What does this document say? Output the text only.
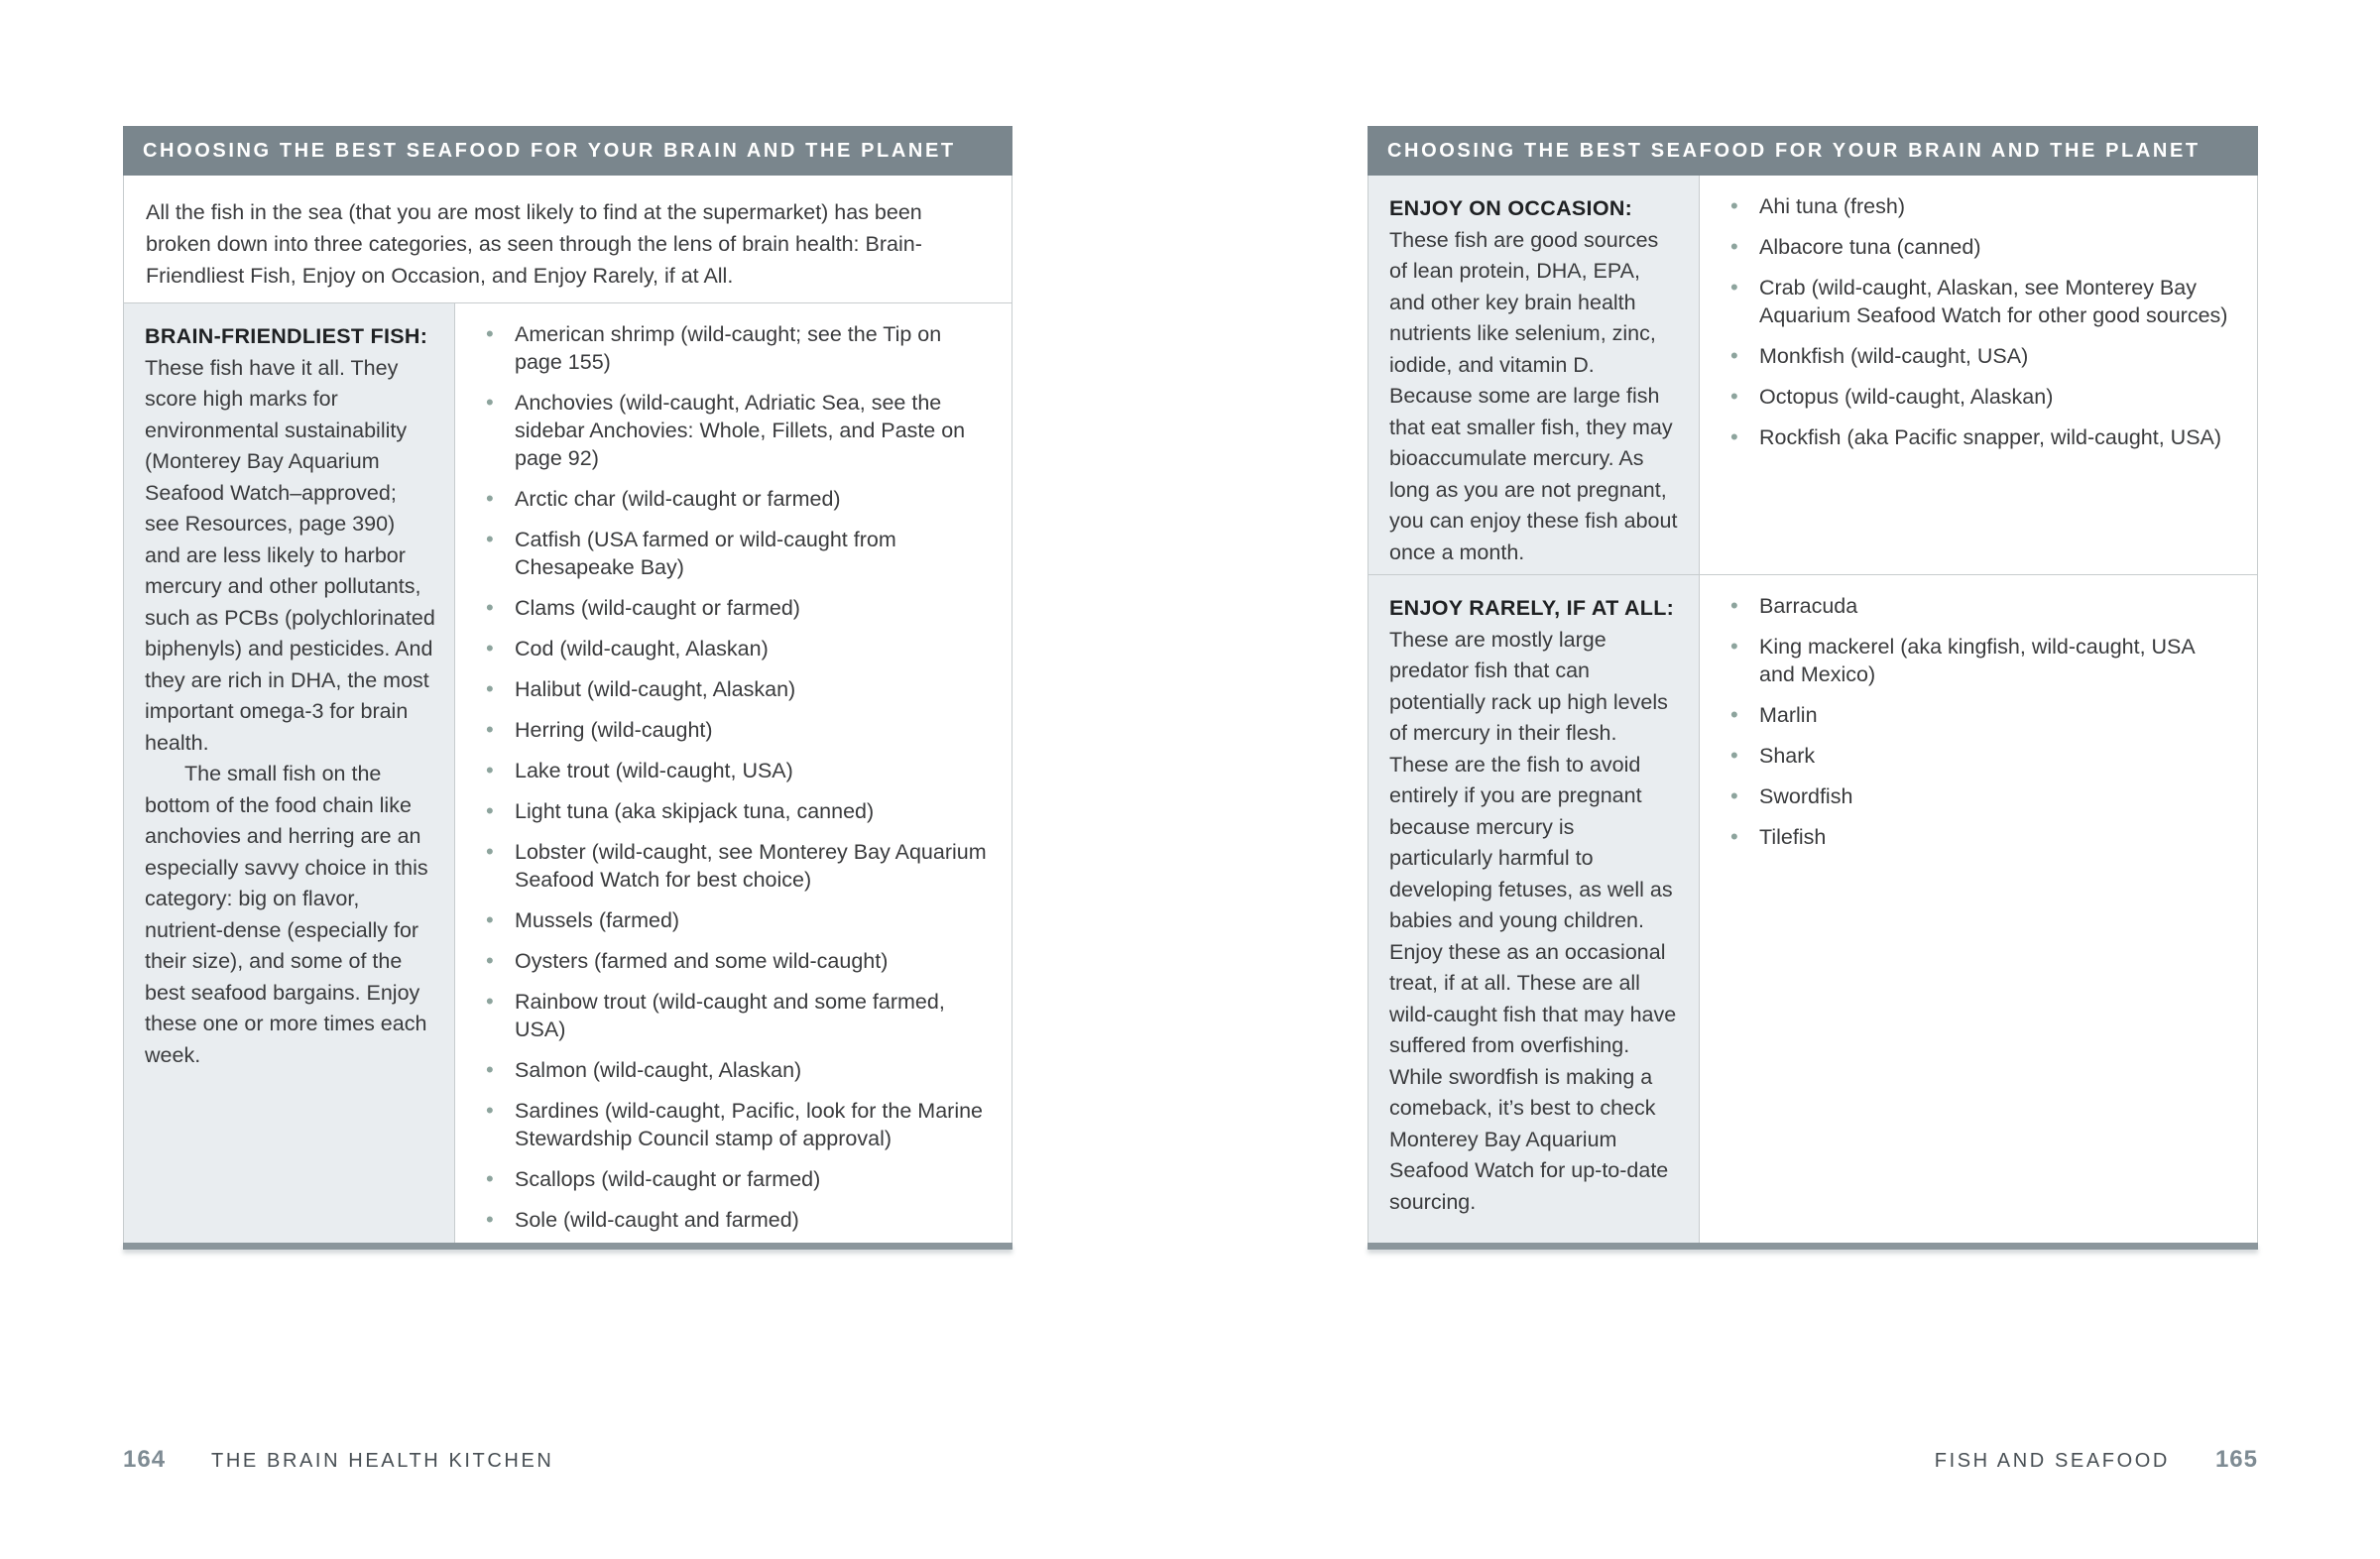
CHOOSING THE BEST SEAFOOD FOR YOUR BRAIN AND THE PLANET
All the fish in the sea (that you are most likely to find at the supermarket) has been broken down into three categories, as seen through the lens of brain health: Brain-Friendliest Fish, Enjoy on Occasion, and Enjoy Rarely, if at All.

BRAIN-FRIENDLIEST FISH: These fish have it all. They score high marks for environmental sustainability (Monterey Bay Aquarium Seafood Watch–approved; see Resources, page 390) and are less likely to harbor mercury and other pollutants, such as PCBs (polychlorinated biphenyls) and pesticides. And they are rich in DHA, the most important omega-3 for brain health.

The small fish on the bottom of the food chain like anchovies and herring are an especially savvy choice in this category: big on flavor, nutrient-dense (especially for their size), and some of the best seafood bargains. Enjoy these one or more times each week.

• American shrimp (wild-caught; see the Tip on page 155)
• Anchovies (wild-caught, Adriatic Sea, see the sidebar Anchovies: Whole, Fillets, and Paste on page 92)
• Arctic char (wild-caught or farmed)
• Catfish (USA farmed or wild-caught from Chesapeake Bay)
• Clams (wild-caught or farmed)
• Cod (wild-caught, Alaskan)
• Halibut (wild-caught, Alaskan)
• Herring (wild-caught)
• Lake trout (wild-caught, USA)
• Light tuna (aka skipjack tuna, canned)
• Lobster (wild-caught, see Monterey Bay Aquarium Seafood Watch for best choice)
• Mussels (farmed)
• Oysters (farmed and some wild-caught)
• Rainbow trout (wild-caught and some farmed, USA)
• Salmon (wild-caught, Alaskan)
• Sardines (wild-caught, Pacific, look for the Marine Stewardship Council stamp of approval)
• Scallops (wild-caught or farmed)
• Sole (wild-caught and farmed)
CHOOSING THE BEST SEAFOOD FOR YOUR BRAIN AND THE PLANET

ENJOY ON OCCASION: These fish are good sources of lean protein, DHA, EPA, and other key brain health nutrients like selenium, zinc, iodide, and vitamin D. Because some are large fish that eat smaller fish, they may bioaccumulate mercury. As long as you are not pregnant, you can enjoy these fish about once a month.

• Ahi tuna (fresh)
• Albacore tuna (canned)
• Crab (wild-caught, Alaskan, see Monterey Bay Aquarium Seafood Watch for other good sources)
• Monkfish (wild-caught, USA)
• Octopus (wild-caught, Alaskan)
• Rockfish (aka Pacific snapper, wild-caught, USA)

ENJOY RARELY, IF AT ALL: These are mostly large predator fish that can potentially rack up high levels of mercury in their flesh. These are the fish to avoid entirely if you are pregnant because mercury is particularly harmful to developing fetuses, as well as babies and young children. Enjoy these as an occasional treat, if at all. These are all wild-caught fish that may have suffered from overfishing. While swordfish is making a comeback, it’s best to check Monterey Bay Aquarium Seafood Watch for up-to-date sourcing.

• Barracuda
• King mackerel (aka kingfish, wild-caught, USA and Mexico)
• Marlin
• Shark
• Swordfish
• Tilefish
164 THE BRAIN HEALTH KITCHEN	FISH AND SEAFOOD 165
